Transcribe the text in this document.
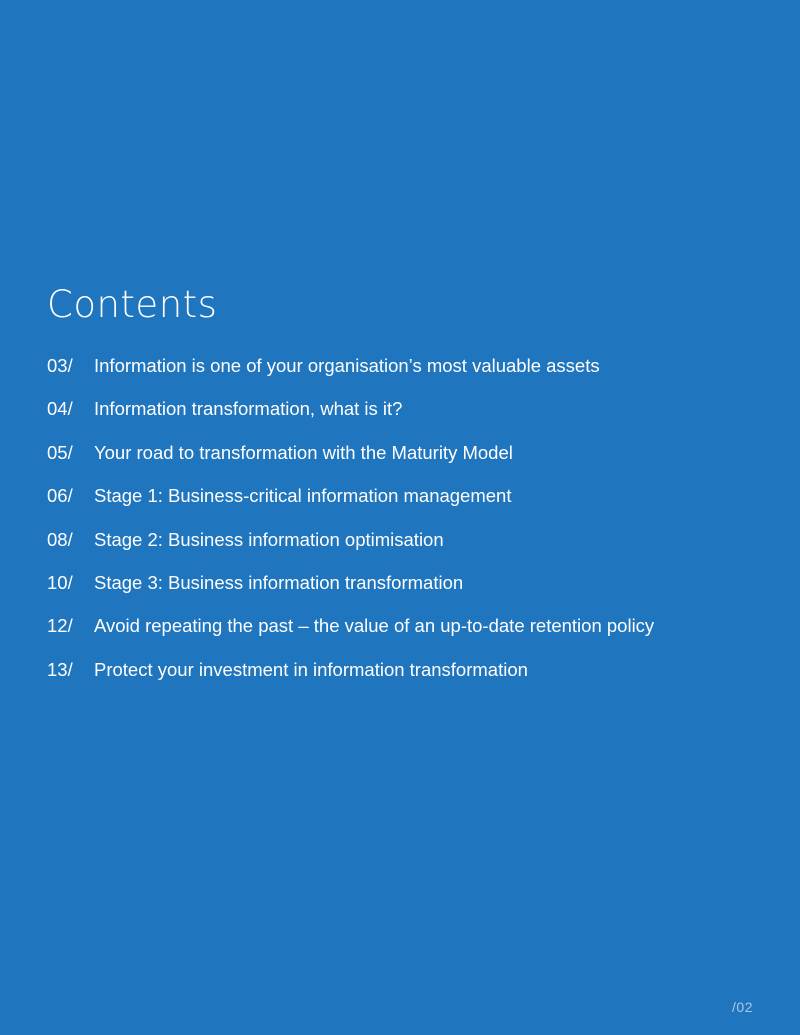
Contents
03/	Information is one of your organisation’s most valuable assets
04/	Information transformation, what is it?
05/	Your road to transformation with the Maturity Model
06/	Stage 1: Business-critical information management
08/	Stage 2: Business information optimisation
10/	Stage 3: Business information transformation
12/	Avoid repeating the past – the value of an up-to-date retention policy
13/	Protect your investment in information transformation
/02
